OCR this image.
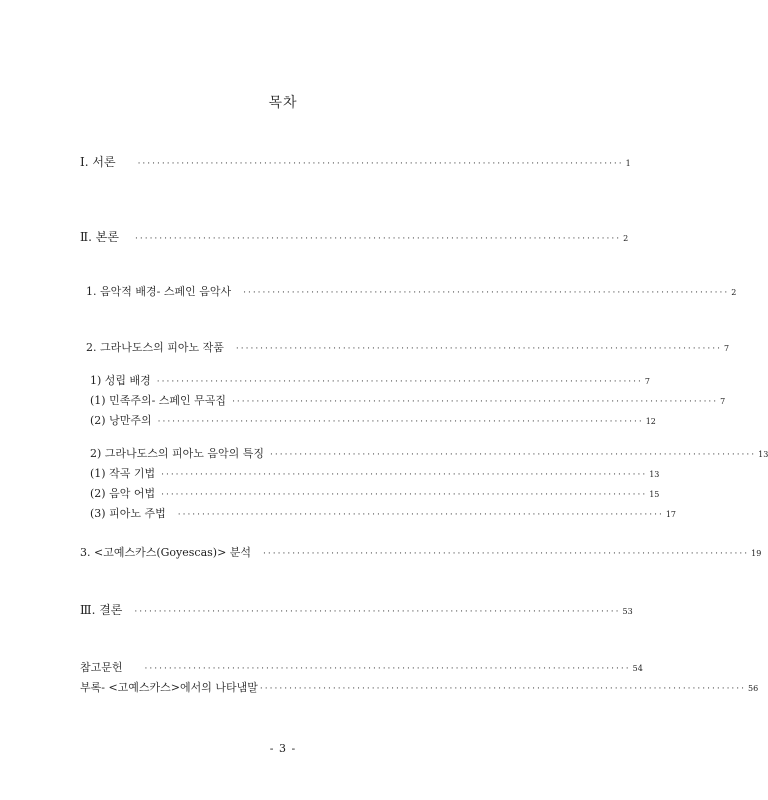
목차
Ⅰ. 서론	···································································································· 1
Ⅱ. 본론	···································································································· 2
1. 음악적 배경- 스페인 음악사	···································································································· 2
2. 그라나도스의 피아노 작품	···································································································· 7
1) 성립 배경 ···································································································· 7
(1) 민족주의- 스페인 무곡집 ···································································································· 7
(2) 낭만주의 ···································································································· 12
2) 그라나도스의 피아노 음악의 특징 ···································································································· 13
(1) 작곡 기법 ···································································································· 13
(2) 음악 어법 ···································································································· 15
(3) 피아노 주법	···································································································· 17
3. <고예스카스(Goyescas)> 분석	···································································································· 19
Ⅲ. 결론	···································································································· 53
참고문헌	···································································································· 54
부록- <고예스카스>에서의 나타냄말 ···································································································· 56
- 3 -
